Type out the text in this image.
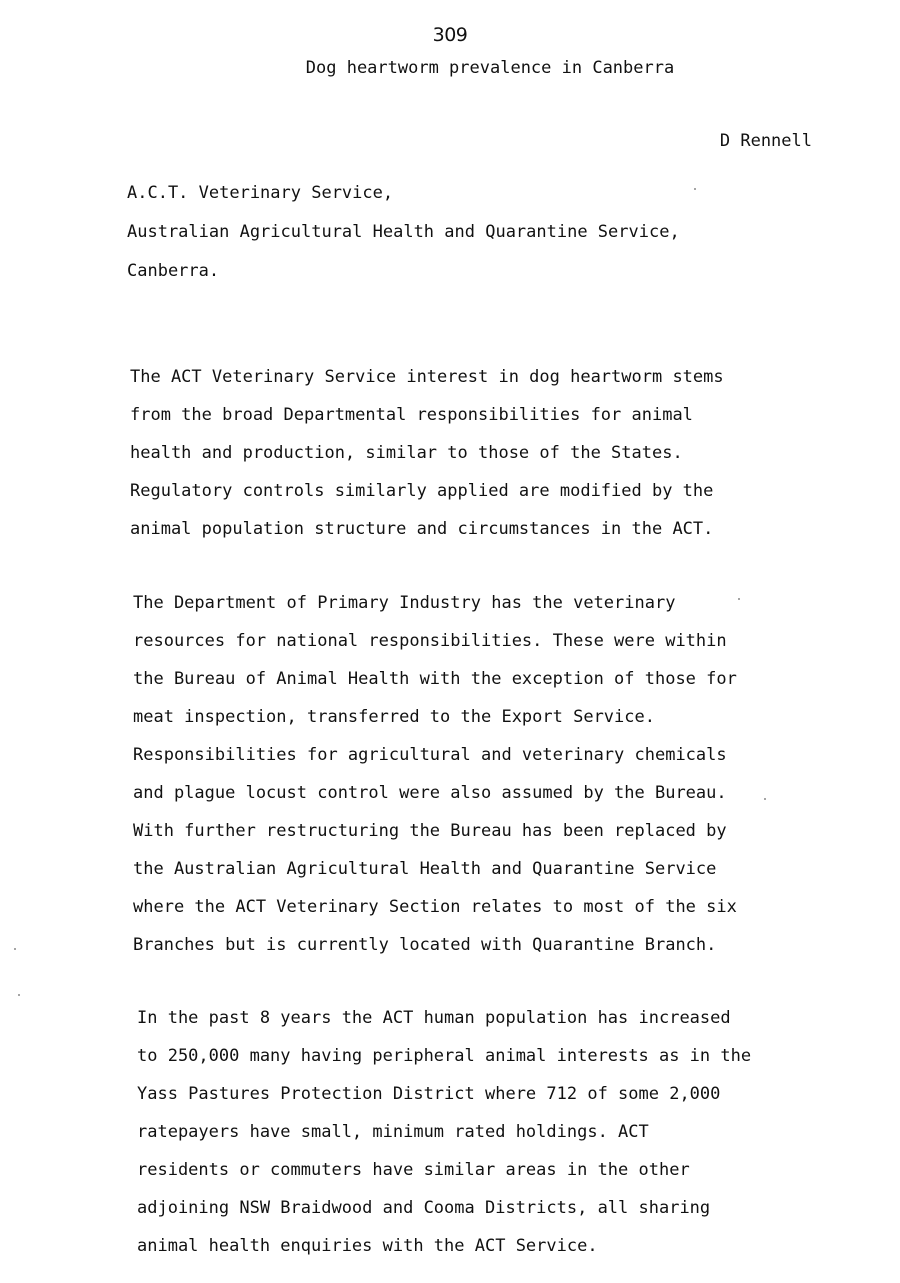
309
Dog heartworm prevalence in Canberra
D Rennell
A.C.T. Veterinary Service,
Australian Agricultural Health and Quarantine Service,
Canberra.
The ACT Veterinary Service interest in dog heartworm stems
from the broad Departmental responsibilities for animal
health and production, similar to those of the States.
Regulatory controls similarly applied are modified by the
animal population structure and circumstances in the ACT.
The Department of Primary Industry has the veterinary
resources for national responsibilities. These were within
the Bureau of Animal Health with the exception of those for
meat inspection, transferred to the Export Service.
Responsibilities for agricultural and veterinary chemicals
and plague locust control were also assumed by the Bureau.
With further restructuring the Bureau has been replaced by
the Australian Agricultural Health and Quarantine Service
where the ACT Veterinary Section relates to most of the six
Branches but is currently located with Quarantine Branch.
In the past 8 years the ACT human population has increased
to 250,000 many having peripheral animal interests as in the
Yass Pastures Protection District where 712 of some 2,000
ratepayers have small, minimum rated holdings. ACT
residents or commuters have similar areas in the other
adjoining NSW Braidwood and Cooma Districts, all sharing
animal health enquiries with the ACT Service.
